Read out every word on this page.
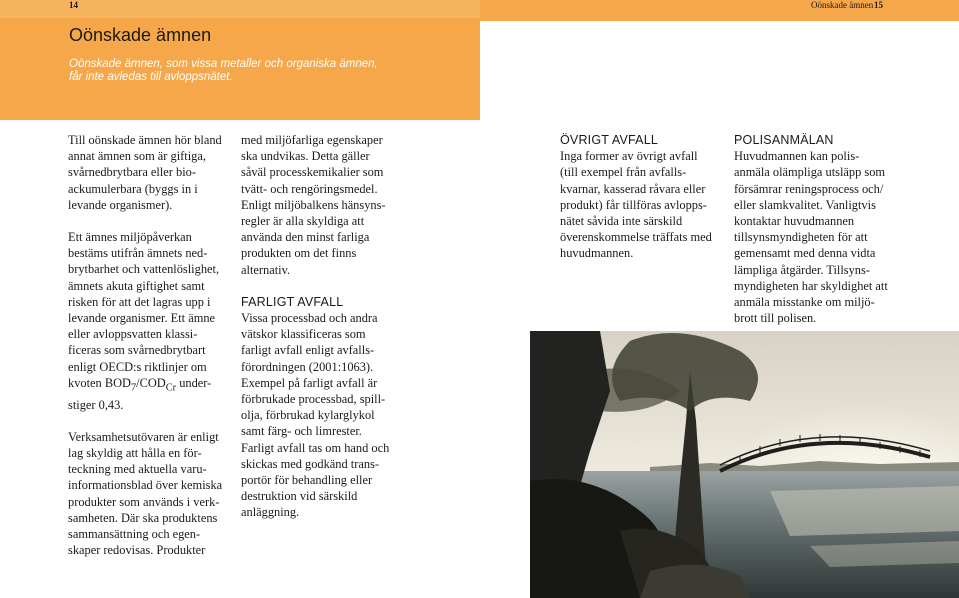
14	Oönskade ämnen 15
Oönskade ämnen
Oönskade ämnen, som vissa metaller och organiska ämnen,
får inte avledas till avloppsnätet.

Till oönskade ämnen hör bland
annat ämnen som är giftiga,
svårnedbrytbara eller bio-
ackumulerbara (byggs in i
levande organismer).

Ett ämnes miljöpåverkan
bestäms utifrån ämnets ned-
brytbarhet och vattenlöslighet,
ämnets akuta giftighet samt
risken för att det lagras upp i
levande organismer. Ett ämne
eller avloppsvatten klassi-
ficeras som svårnedbrytbart
enligt OECD:s riktlinjer om
kvoten $BOD_7/COD_{Cr}$ under-
stiger 0,43.

Verksamhetsutövaren är enligt
lag skyldig att hålla en för-
teckning med aktuella varu-
informationsblad över kemiska
produkter som används i verk-
samheten. Där ska produktens
sammansättning och egen-
skaper redovisas. Produkter

med miljöfarliga egenskaper
ska undvikas. Detta gäller
såväl processkemikalier som
tvätt- och rengöringsmedel.
Enligt miljöbalkens hänsyns-
regler är alla skyldiga att
använda den minst farliga
produkten om det finns
alternativ.

FARLIGT AVFALL

Vissa processbad och andra
vätskor klassificeras som
farligt avfall enligt avfalls-
förordningen (2001:1063).
Exempel på farligt avfall är
förbrukade processbad, spill-
olja, förbrukad kylarglykol
samt färg- och limrester.
Farligt avfall tas om hand och
skickas med godkänd trans-
portör för behandling eller
destruktion vid särskild
anläggning.

ÖVRIGT AVFALL

Inga former av övrigt avfall
(till exempel från avfalls-
kvarnar, kasserad råvara eller
produkt) får tillföras avlopps-
nätet såvida inte särskild
överenskommelse träffats med
huvudmannen.

POLISANMÄLAN

Huvudmannen kan polis-
anmäla olämpliga utsläpp som
försämrar reningsprocess och/
eller slamkvalitet. Vanligtvis
kontaktar huvudmannen
tillsynsmyndigheten för att
gemensamt med denna vidta
lämpliga åtgärder. Tillsyns-
myndigheten har skyldighet att
anmäla misstanke om miljö-
brott till polisen.
